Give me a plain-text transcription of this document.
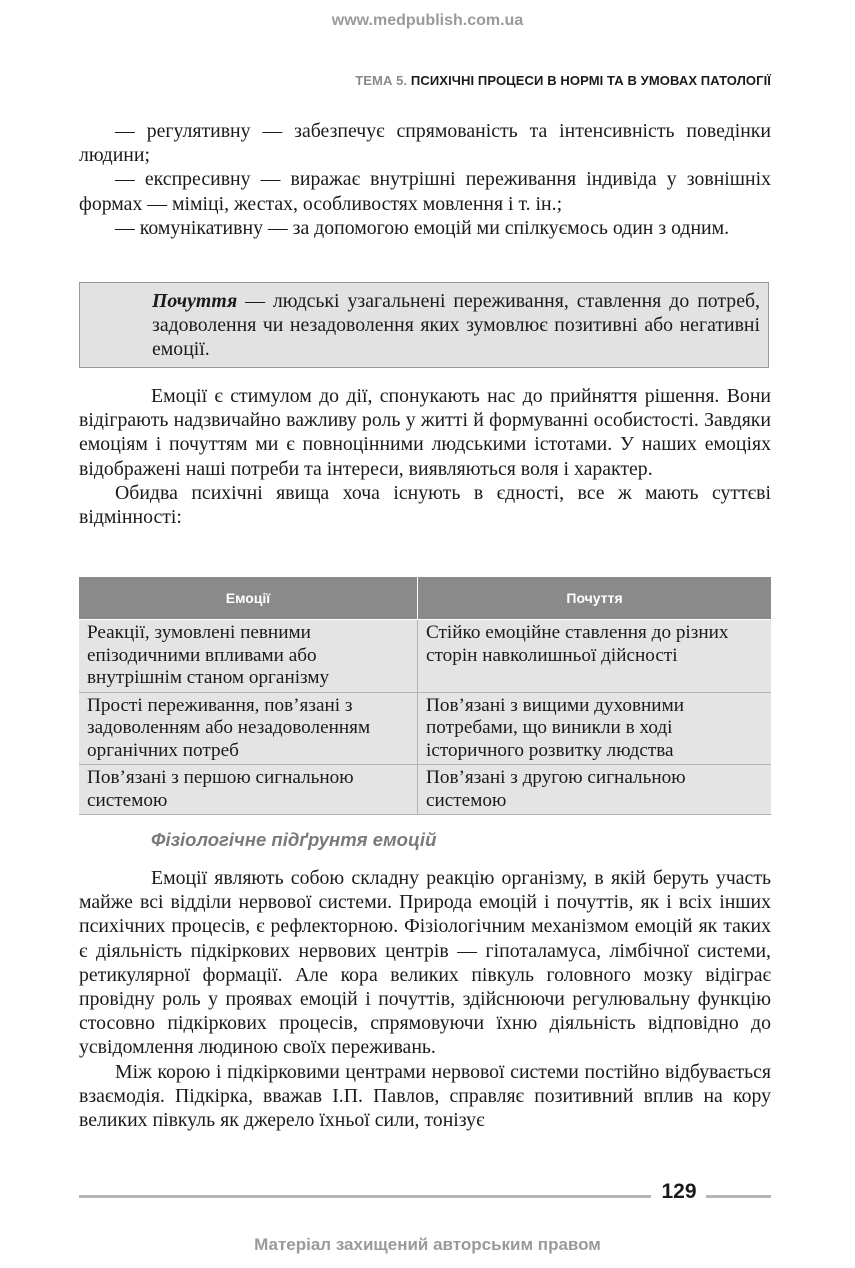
www.medpublish.com.ua
ТЕМА 5. ПСИХІЧНІ ПРОЦЕСИ В НОРМІ ТА В УМОВАХ ПАТОЛОГІЇ

— регулятивну — забезпечує спрямованість та інтенсивність поведінки людини;

— експресивну — виражає внутрішні переживання індивіда у зовнішніх формах — міміці, жестах, особливостях мовлення і т. ін.;

— комунікативну — за допомогою емоцій ми спілкуємось один з одним.

Почуття — людські узагальнені переживання, ставлення до потреб, задоволення чи незадоволення яких зумовлює позитивні або негативні емоції.

Емоції є стимулом до дії, спонукають нас до прийняття рішення. Вони відіграють надзвичайно важливу роль у житті й формуванні особистості. Завдяки емоціям і почуттям ми є повноцінними людськими істотами. У наших емоціях відображені наші потреби та інтереси, виявляються воля і характер.

Обидва психічні явища хоча існують в єдності, все ж мають суттєві відмінності:

Емоції	Почуття
Реакції, зумовлені певними епізодичними впливами або внутрішнім станом організму	Стійко емоційне ставлення до різних сторін навколишньої дійсності
Прості переживання, пов’язані з задоволенням або незадоволенням органічних потреб	Пов’язані з вищими духовними потребами, що виникли в ході історичного розвитку людства
Пов’язані з першою сигнальною системою	Пов’язані з другою сигнальною системою
Фізіологічне підґрунтя емоцій

Емоції являють собою складну реакцію організму, в якій беруть участь майже всі відділи нервової системи. Природа емоцій і почуттів, як і всіх інших психічних процесів, є рефлекторною. Фізіологічним механізмом емоцій як таких є діяльність підкіркових нервових центрів — гіпоталамуса, лімбічної системи, ретикулярної формації. Але кора великих півкуль головного мозку відіграє провідну роль у проявах емоцій і почуттів, здійснюючи регулювальну функцію стосовно підкіркових процесів, спрямовуючи їхню діяльність відповідно до усвідомлення людиною своїх переживань.

Між корою і підкірковими центрами нервової системи постійно відбувається взаємодія. Підкірка, вважав І.П. Павлов, справляє позитивний вплив на кору великих півкуль як джерело їхньої сили, тонізує

129
Матеріал захищений авторським правом
